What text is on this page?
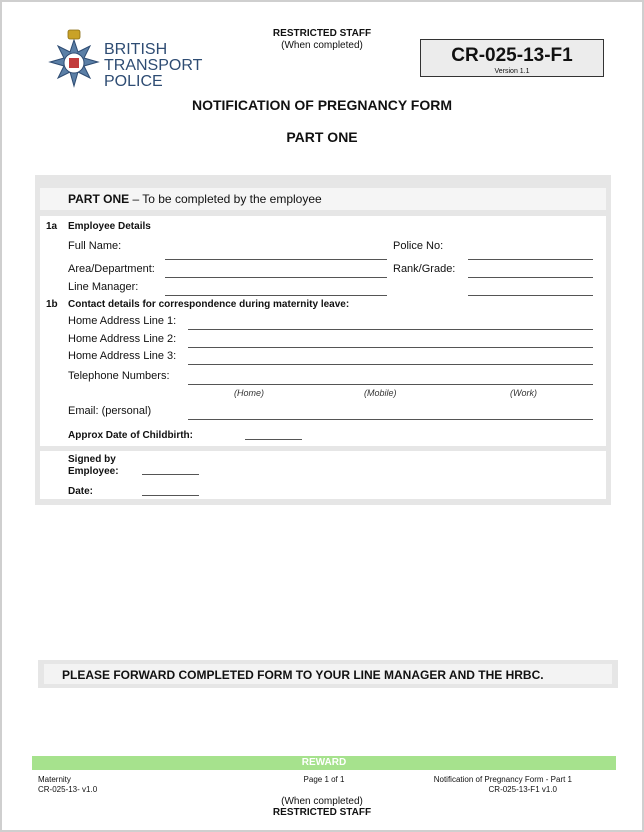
BRITISH
TRANSPORT
POLICE
RESTRICTED STAFF
(When completed)	CR-025-13-F1
Version 1.1
NOTIFICATION OF PREGNANCY FORM
PART ONE
PART ONE – To be completed by the employee
1a Employee Details
Full Name:	Police No:
Area/Department:	Rank/Grade:
Line Manager:
1b Contact details for correspondence during maternity leave:
Home Address Line 1:
Home Address Line 2:
Home Address Line 3:
Telephone Numbers:
(Home)	(Mobile)	(Work)
Email: (personal)
Approx Date of Childbirth:
Signed by
Employee:
Date:
PLEASE FORWARD COMPLETED FORM TO YOUR LINE MANAGER AND THE HRBC.
REWARD
Maternity
CR-025-13- v1.0
Page 1 of 1	Notification of Pregnancy Form - Part 1
CR-025-13-F1 v1.0
(When completed)
RESTRICTED STAFF
